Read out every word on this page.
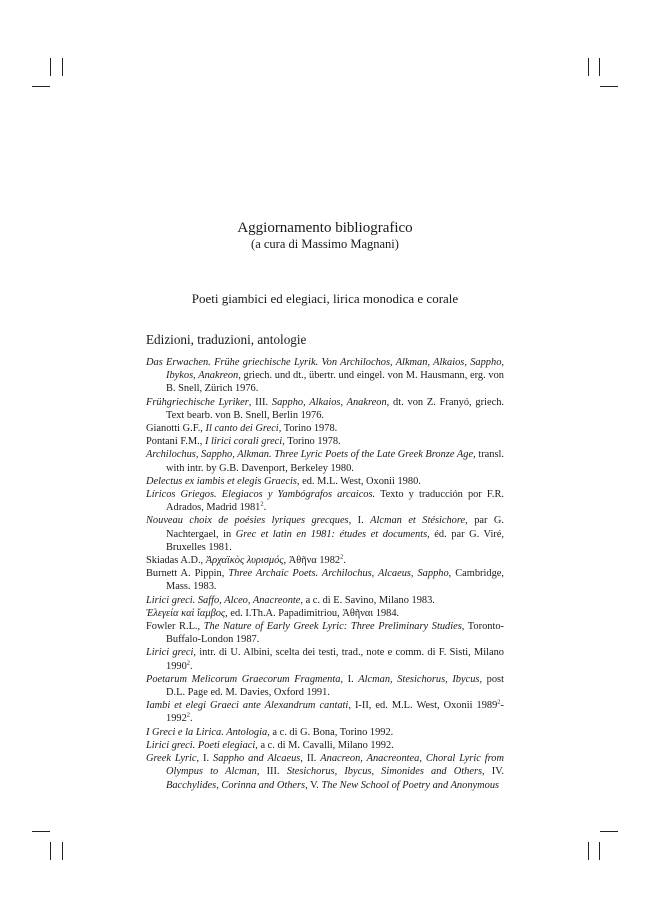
Aggiornamento bibliografico
(a cura di Massimo Magnani)
Poeti giambici ed elegiaci, lirica monodica e corale
Edizioni, traduzioni, antologie

Das Erwachen. Frühe griechische Lyrik. Von Archilochos, Alkman, Alkaios, Sappho, Ibykos, Anakreon, griech. und dt., übertr. und eingel. von M. Hausmann, erg. von B. Snell, Zürich 1976.

Frühgriechische Lyriker, III. Sappho, Alkaios, Anakreon, dt. von Z. Franyó, griech. Text bearb. von B. Snell, Berlin 1976.

Gianotti G.F., Il canto dei Greci, Torino 1978.

Pontani F.M., I lirici corali greci, Torino 1978.

Archilochus, Sappho, Alkman. Three Lyric Poets of the Late Greek Bronze Age, transl. with intr. by G.B. Davenport, Berkeley 1980.

Delectus ex iambis et elegis Graecis, ed. M.L. West, Oxonii 1980.

Líricos Griegos. Elegiacos y Yambógrafos arcaicos. Texto y traducción por F.R. Adrados, Madrid 1981$^2$.

Nouveau choix de poésies lyriques grecques, I. Alcman et Stésichore, par G. Nachtergael, in Grec et latin en 1981: études et documents, éd. par G. Viré, Bruxelles 1981.

Skiadas A.D., Ἀρχαϊκὸς λυρισμός, Ἀθῆνα 1982$^2$.

Burnett A. Pippin, Three Archaic Poets. Archilochus, Alcaeus, Sappho, Cambridge, Mass. 1983.

Lirici greci. Saffo, Alceo, Anacreonte, a c. di E. Savino, Milano 1983.

Ἐλεγεία καὶ ἴαμβος, ed. I.Th.A. Papadimitriou, Ἀθῆναι 1984.

Fowler R.L., The Nature of Early Greek Lyric: Three Preliminary Studies, Toronto-Buffalo-London 1987.

Lirici greci, intr. di U. Albini, scelta dei testi, trad., note e comm. di F. Sisti, Milano 1990$^2$.

Poetarum Melicorum Graecorum Fragmenta, I. Alcman, Stesichorus, Ibycus, post D.L. Page ed. M. Davies, Oxford 1991.

Iambi et elegi Graeci ante Alexandrum cantati, I-II, ed. M.L. West, Oxonii 1989$^2$-1992$^2$.

I Greci e la Lirica. Antologia, a c. di G. Bona, Torino 1992.

Lirici greci. Poeti elegiaci, a c. di M. Cavalli, Milano 1992.

Greek Lyric, I. Sappho and Alcaeus, II. Anacreon, Anacreontea, Choral Lyric from Olympus to Alcman, III. Stesichorus, Ibycus, Simonides and Others, IV. Bacchylides, Corinna and Others, V. The New School of Poetry and Anonymous
